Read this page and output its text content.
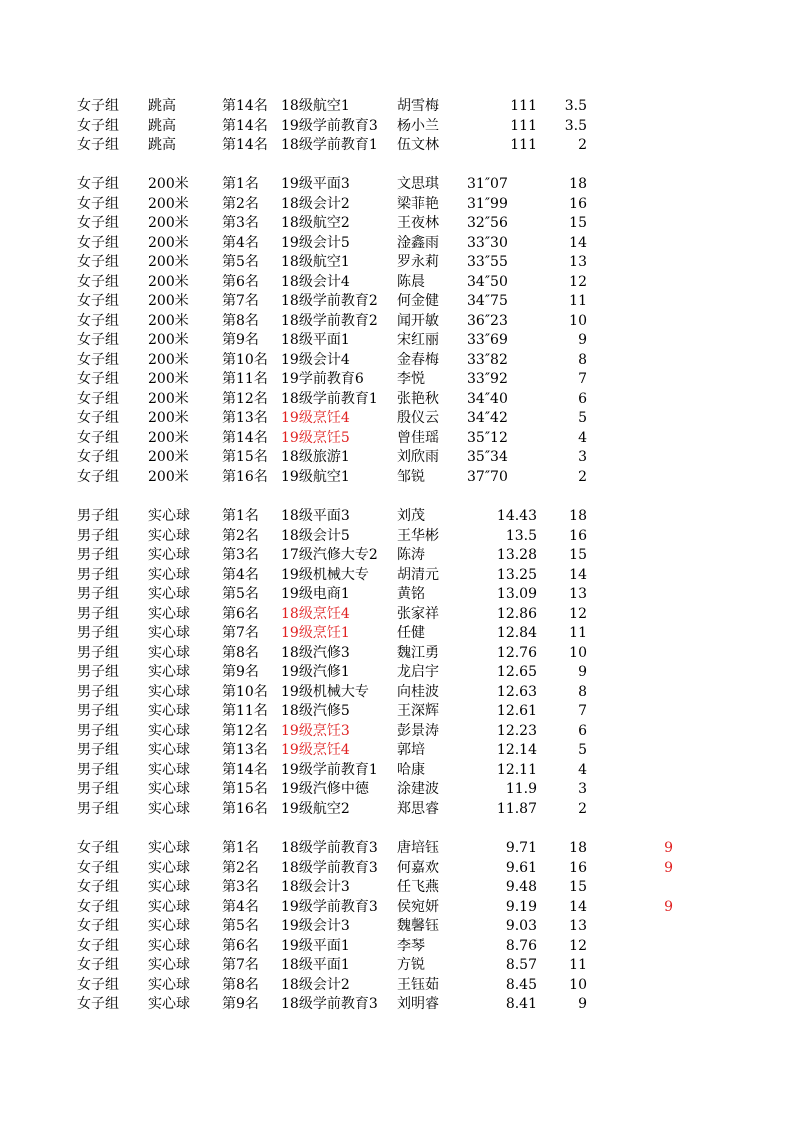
女子组 跳高	第14名 18级航空1	胡雪梅	111 3.5
女子组 跳高	第14名 19级学前教育3 杨小兰	111 3.5
女子组 跳高	第14名 18级学前教育1 伍文林	111	2
女子组 200米 第1名 19级平面3	文思琪 31″07	18
女子组 200米 第2名 18级会计2	梁菲艳 31″99	16
女子组 200米 第3名 18级航空2	王夜林 32″56	15
女子组 200米 第4名 19级会计5	淦鑫雨 33″30	14
女子组 200米 第5名 18级航空1	罗永莉 33″55	13
女子组 200米 第6名 18级会计4	陈晨	34″50	12
女子组 200米 第7名 18级学前教育2 何金健 34″75	11
女子组 200米 第8名 18级学前教育2 闻开敏 36″23	10
女子组 200米 第9名 18级平面1	宋红丽 33″69	9
女子组 200米 第10名 19级会计4	金春梅 33″82	8
女子组 200米 第11名 19学前教育6 李悦	33″92	7
女子组 200米 第12名 18级学前教育1 张艳秋 34″40	6
女子组 200米 第13名 19级烹饪4	殷仪云 34″42	5
女子组 200米 第14名 19级烹饪5	曾佳瑶 35″12	4
女子组 200米 第15名 18级旅游1	刘欣雨 35″34	3
女子组 200米 第16名 19级航空1	邹锐	37″70	2
男子组 实心球 第1名 18级平面3	刘茂	14.43 18
男子组 实心球 第2名 18级会计5	王华彬	13.5 16
男子组 实心球 第3名 17级汽修大专2 陈涛	13.28 15
男子组 实心球 第4名 19级机械大专 胡清元	13.25 14
男子组 实心球 第5名 19级电商1	黄铭	13.09 13
男子组 实心球 第6名 18级烹饪4	张家祥	12.86 12
男子组 实心球 第7名 19级烹饪1	任健	12.84 11
男子组 实心球 第8名 18级汽修3	魏江勇	12.76 10
男子组 实心球 第9名 19级汽修1	龙启宇	12.65	9
男子组 实心球 第10名 19级机械大专 向桂波	12.63	8
男子组 实心球 第11名 18级汽修5	王深辉	12.61	7
男子组 实心球 第12名 19级烹饪3	彭景涛	12.23	6
男子组 实心球 第13名 19级烹饪4	郭培	12.14	5
男子组 实心球 第14名 19级学前教育1 哈康	12.11	4
男子组 实心球 第15名 19级汽修中德 涂建波	11.9	3
男子组 实心球 第16名 19级航空2	郑思睿	11.87	2
女子组 实心球 第1名 18级学前教育3 唐培钰	9.71 18	9
女子组 实心球 第2名 18级学前教育3 何嘉欢	9.61 16	9
女子组 实心球 第3名 18级会计3	任飞燕	9.48 15
女子组 实心球 第4名 19级学前教育3 侯宛妍	9.19 14	9
女子组 实心球 第5名 19级会计3	魏馨钰	9.03 13
女子组 实心球 第6名 19级平面1	李琴	8.76 12
女子组 实心球 第7名 18级平面1	方锐	8.57 11
女子组 实心球 第8名 18级会计2	王钰茹	8.45 10
女子组 实心球 第9名 18级学前教育3 刘明睿	8.41	9
